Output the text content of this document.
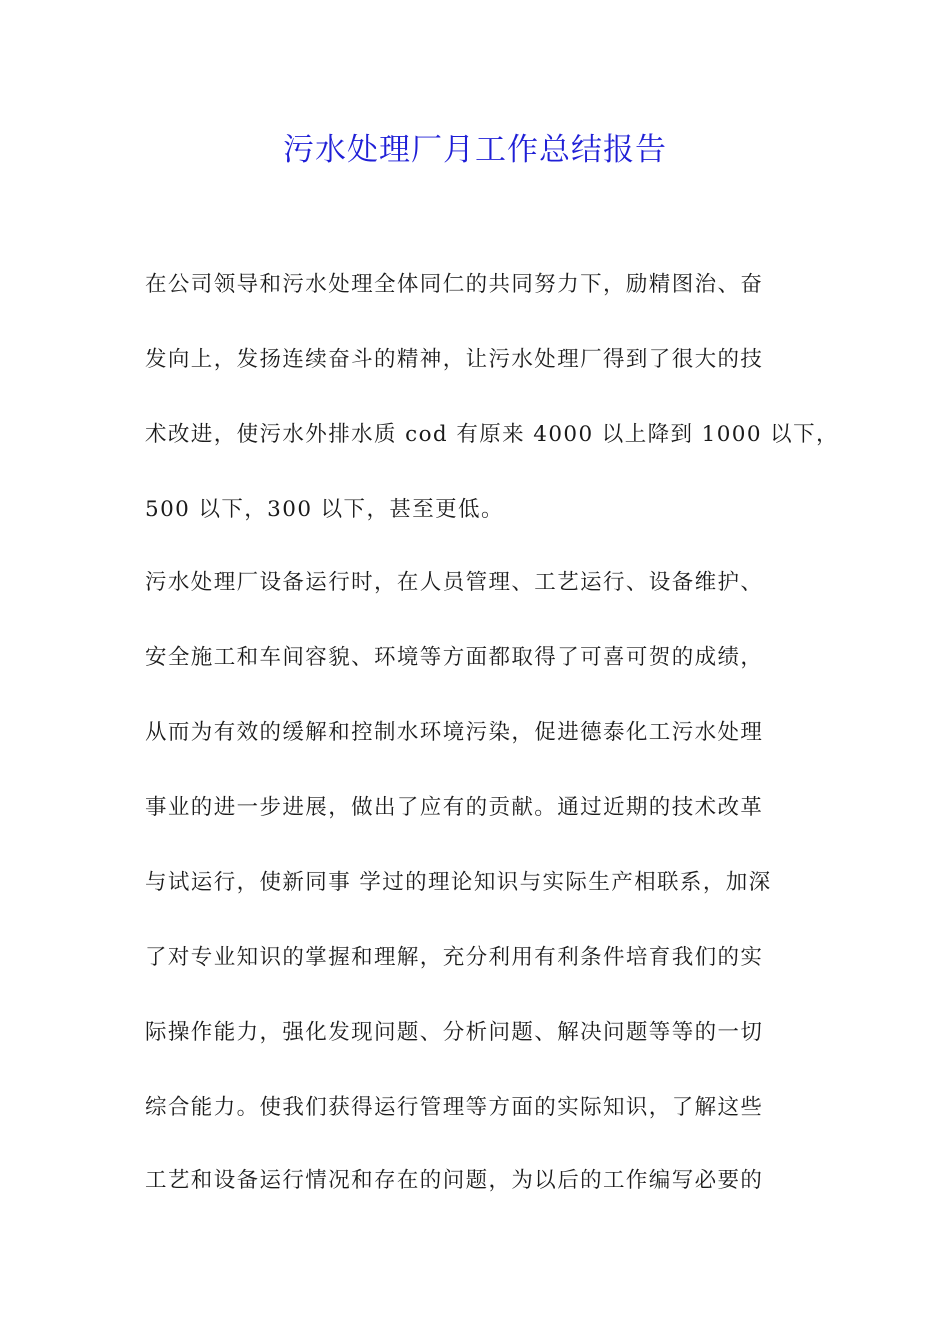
污水处理厂月工作总结报告

在公司领导和污水处理全体同仁的共同努力下，励精图治、奋

发向上，发扬连续奋斗的精神，让污水处理厂得到了很大的技

术改进，使污水外排水质 cod 有原来 4000 以上降到 1000 以下，

500 以下，300 以下，甚至更低。

污水处理厂设备运行时，在人员管理、工艺运行、设备维护、

安全施工和车间容貌、环境等方面都取得了可喜可贺的成绩，

从而为有效的缓解和控制水环境污染，促进德泰化工污水处理

事业的进一步进展，做出了应有的贡献。通过近期的技术改革

与试运行，使新同事 学过的理论知识与实际生产相联系，加深

了对专业知识的掌握和理解，充分利用有利条件培育我们的实

际操作能力，强化发现问题、分析问题、解决问题等等的一切

综合能力。使我们获得运行管理等方面的实际知识，了解这些

工艺和设备运行情况和存在的问题，为以后的工作编写必要的
